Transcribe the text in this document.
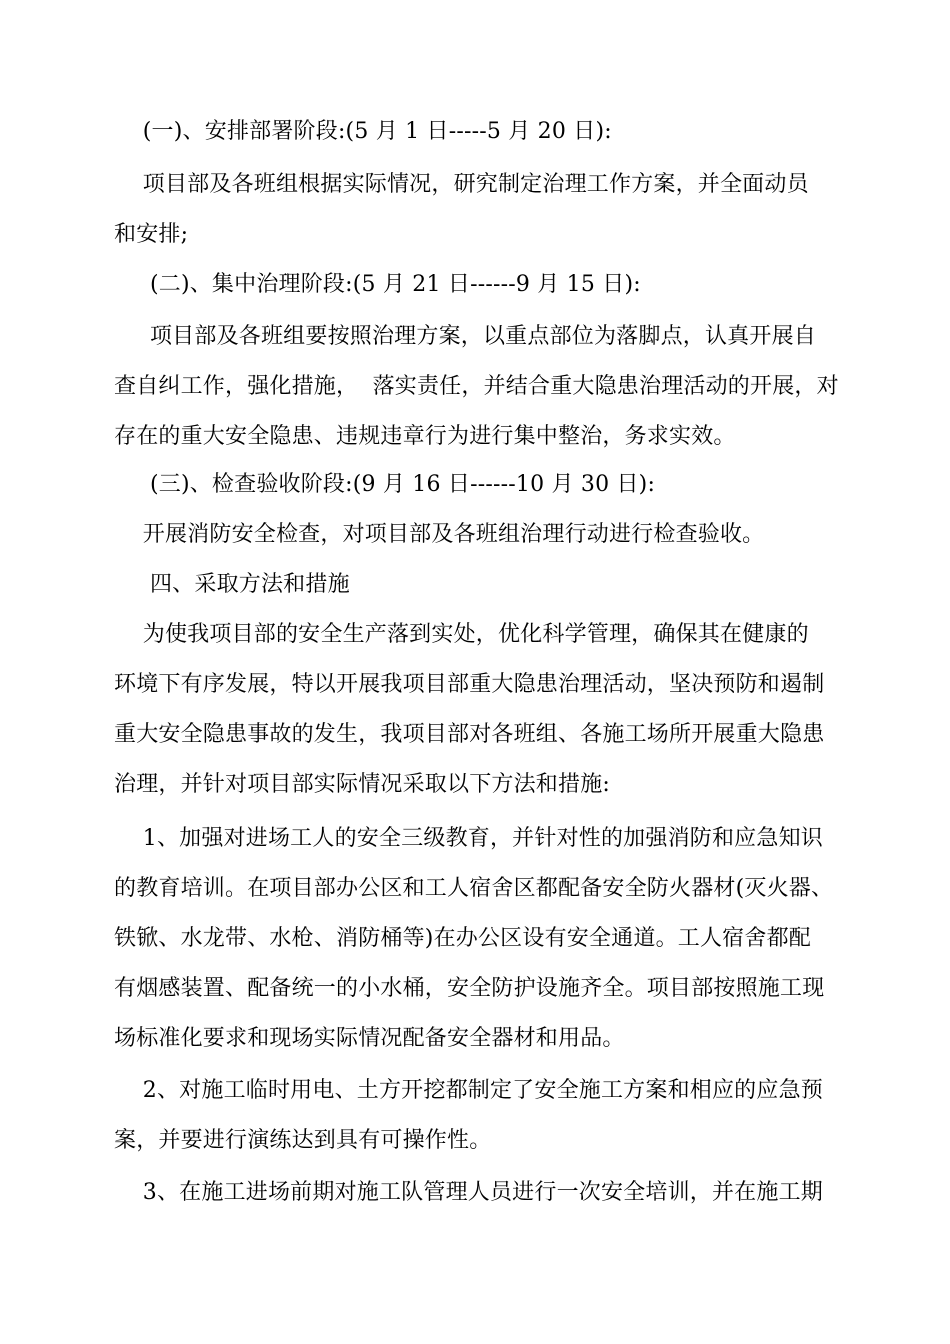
(一)、安排部署阶段:(5 月 1 日-----5 月 20 日):
项目部及各班组根据实际情况，研究制定治理工作方案，并全面动员
和安排;
(二)、集中治理阶段:(5 月 21 日------9 月 15 日):
项目部及各班组要按照治理方案，以重点部位为落脚点，认真开展自
查自纠工作，强化措施，  落实责任，并结合重大隐患治理活动的开展，对
存在的重大安全隐患、违规违章行为进行集中整治，务求实效。
(三)、检查验收阶段:(9 月 16 日------10 月 30 日):
开展消防安全检查，对项目部及各班组治理行动进行检查验收。
四、采取方法和措施
为使我项目部的安全生产落到实处，优化科学管理，确保其在健康的
环境下有序发展，特以开展我项目部重大隐患治理活动，坚决预防和遏制
重大安全隐患事故的发生，我项目部对各班组、各施工场所开展重大隐患
治理，并针对项目部实际情况采取以下方法和措施:
1、加强对进场工人的安全三级教育，并针对性的加强消防和应急知识
的教育培训。在项目部办公区和工人宿舍区都配备安全防火器材(灭火器、
铁锨、水龙带、水枪、消防桶等)在办公区设有安全通道。工人宿舍都配
有烟感装置、配备统一的小水桶，安全防护设施齐全。项目部按照施工现
场标准化要求和现场实际情况配备安全器材和用品。
2、对施工临时用电、土方开挖都制定了安全施工方案和相应的应急预
案，并要进行演练达到具有可操作性。
3、在施工进场前期对施工队管理人员进行一次安全培训，并在施工期
